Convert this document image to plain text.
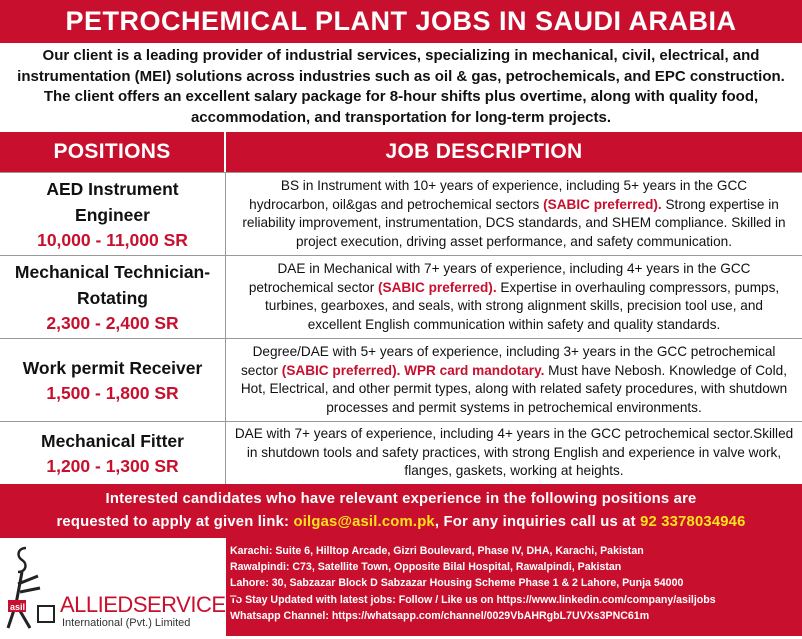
PETROCHEMICAL PLANT JOBS IN SAUDI ARABIA
Our client is a leading provider of industrial services, specializing in mechanical, civil, electrical, and instrumentation (MEI) solutions across industries such as oil & gas, petrochemicals, and EPC construction. The client offers an excellent salary package for 8-hour shifts plus overtime, along with quality food, accommodation, and transportation for long-term projects.
POSITIONS	JOB DESCRIPTION
AED Instrument Engineer
10,000 - 11,000 SR
BS in Instrument with 10+ years of experience, including 5+ years in the GCC hydrocarbon, oil&gas and petrochemical sectors (SABIC preferred). Strong expertise in reliability improvement, instrumentation, DCS standards, and SHEM compliance. Skilled in project execution, driving asset performance, and safety communication.
Mechanical Technician-Rotating
2,300 - 2,400 SR
DAE in Mechanical with 7+ years of experience, including 4+ years in the GCC petrochemical sector (SABIC preferred). Expertise in overhauling compressors, pumps, turbines, gearboxes, and seals, with strong alignment skills, precision tool use, and excellent English communication within safety and quality standards.
Work permit Receiver
1,500 - 1,800 SR
Degree/DAE with 5+ years of experience, including 3+ years in the GCC petrochemical sector (SABIC preferred). WPR card mandotary. Must have Nebosh. Knowledge of Cold, Hot, Electrical, and other permit types, along with related safety procedures, with shutdown processes and permit systems in petrochemical environments.
Mechanical Fitter
1,200 - 1,300 SR
DAE with 7+ years of experience, including 4+ years in the GCC petrochemical sector.Skilled in shutdown tools and safety practices, with strong English and experience in valve work, flanges, gaskets, working at heights.
Interested candidates who have relevant experience in the following positions are
requested to apply at given link: oilgas@asil.com.pk, For any inquiries call us at 92 3378034946
asil ALLIEDSERVICES
International (Pvt.) Limited
Karachi: Suite 6, Hilltop Arcade, Gizri Boulevard, Phase IV, DHA, Karachi, Pakistan
Rawalpindi: C73, Satellite Town, Opposite Bilal Hospital, Rawalpindi, Pakistan
Lahore: 30, Sabzazar Block D Sabzazar Housing Scheme Phase 1 & 2 Lahore, Punja 54000
To Stay Updated with latest jobs: Follow / Like us on https://www.linkedin.com/company/asiljobs
Whatsapp Channel: https://whatsapp.com/channel/0029VbAHRgbL7UVXs3PNC61m
